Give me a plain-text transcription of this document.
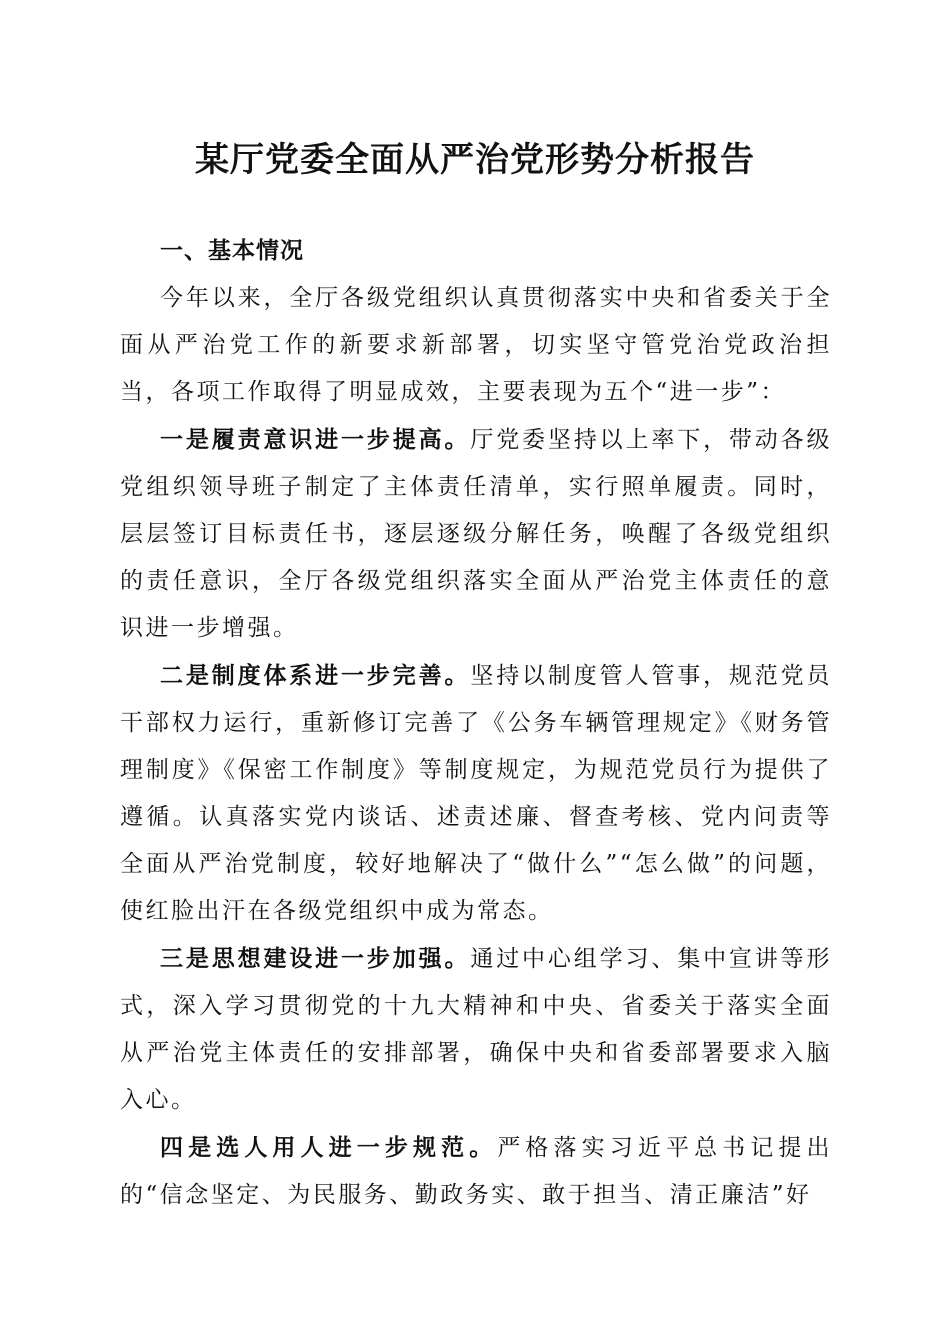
某厅党委全面从严治党形势分析报告

一、基本情况

今年以来，全厅各级党组织认真贯彻落实中央和省委关于全面从严治党工作的新要求新部署，切实坚守管党治党政治担当，各项工作取得了明显成效，主要表现为五个“进一步”：

一是履责意识进一步提高。厅党委坚持以上率下，带动各级党组织领导班子制定了主体责任清单，实行照单履责。同时，层层签订目标责任书，逐层逐级分解任务，唤醒了各级党组织的责任意识，全厅各级党组织落实全面从严治党主体责任的意识进一步增强。

二是制度体系进一步完善。坚持以制度管人管事，规范党员干部权力运行，重新修订完善了《公务车辆管理规定》《财务管理制度》《保密工作制度》等制度规定，为规范党员行为提供了遵循。认真落实党内谈话、述责述廉、督查考核、党内问责等全面从严治党制度，较好地解决了“做什么”“怎么做”的问题，使红脸出汗在各级党组织中成为常态。

三是思想建设进一步加强。通过中心组学习、集中宣讲等形式，深入学习贯彻党的十九大精神和中央、省委关于落实全面从严治党主体责任的安排部署，确保中央和省委部署要求入脑入心。

四是选人用人进一步规范。严格落实习近平总书记提出的“信念坚定、为民服务、勤政务实、敢于担当、清正廉洁”好
